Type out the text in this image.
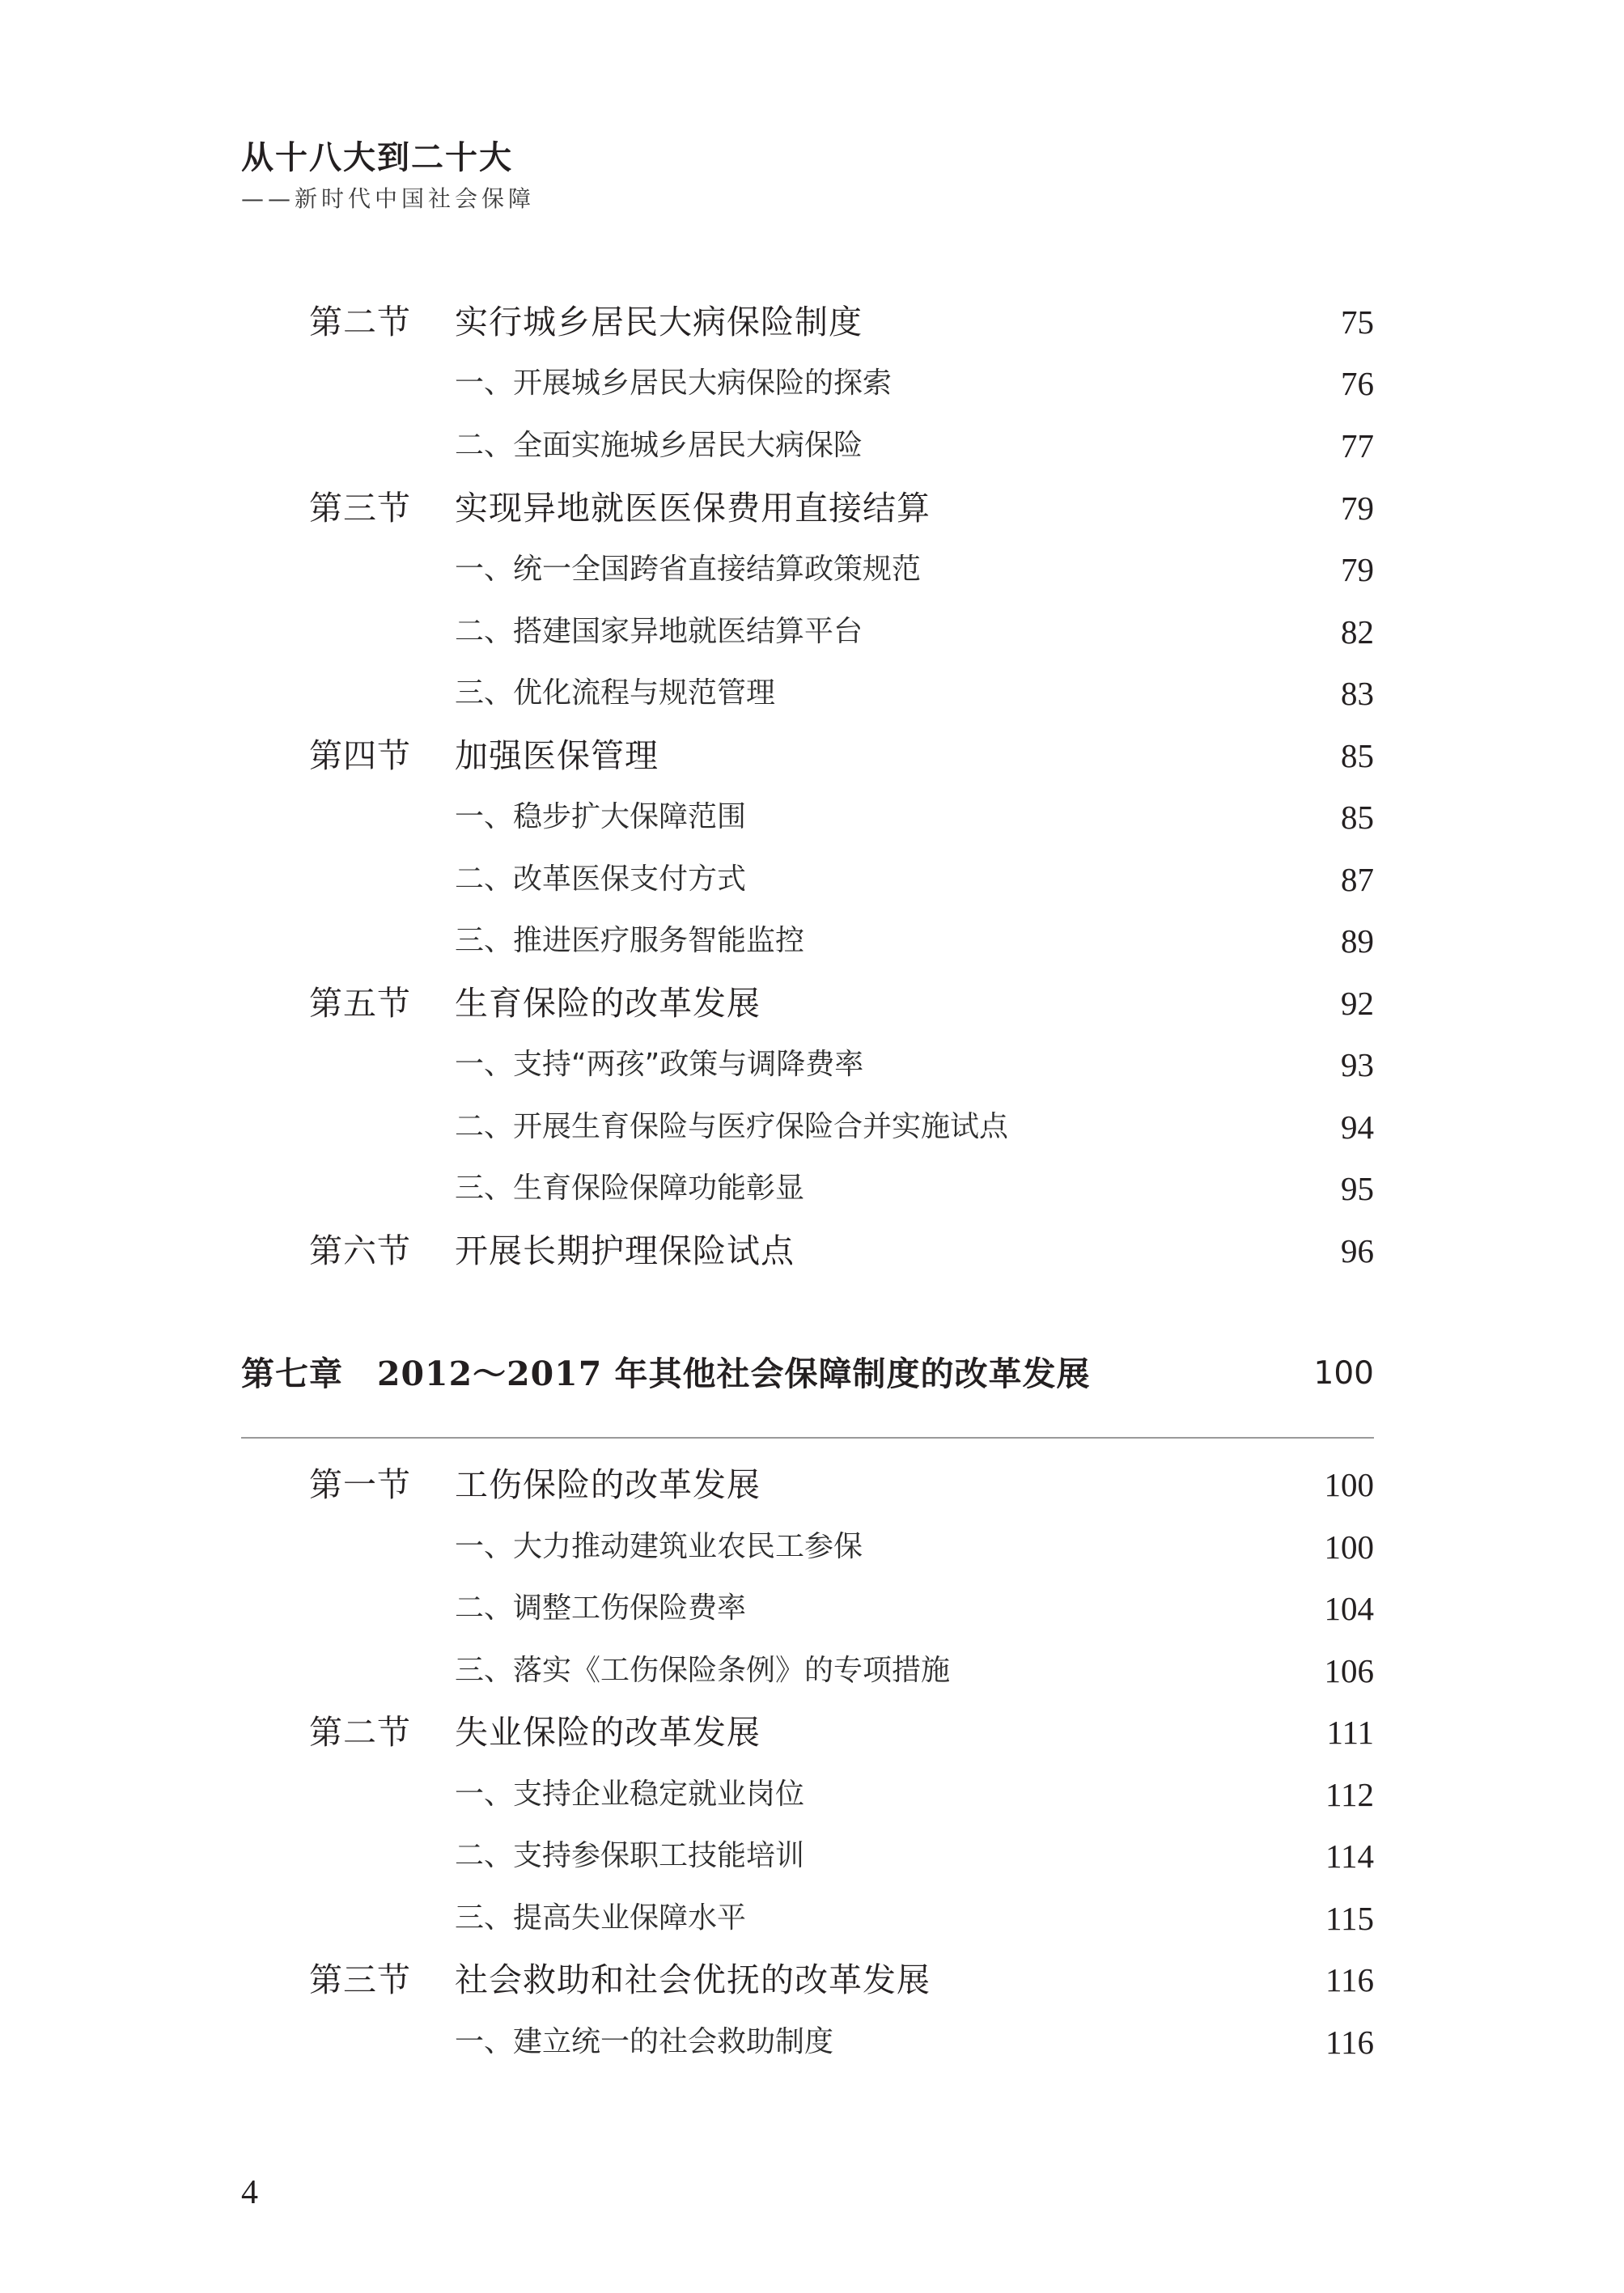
从十八大到二十大
——新时代中国社会保障
第二节 实行城乡居民大病保险制度	75
一、开展城乡居民大病保险的探索	76
二、全面实施城乡居民大病保险	77
第三节 实现异地就医医保费用直接结算	79
一、统一全国跨省直接结算政策规范	79
二、搭建国家异地就医结算平台	82
三、优化流程与规范管理	83
第四节 加强医保管理	85
一、稳步扩大保障范围	85
二、改革医保支付方式	87
三、推进医疗服务智能监控	89
第五节 生育保险的改革发展	92
一、支持“两孩”政策与调降费率	93
二、开展生育保险与医疗保险合并实施试点	94
三、生育保险保障功能彰显	95
第六节 开展长期护理保险试点	96
第七章 2012～2017 年其他社会保障制度的改革发展	100
第一节 工伤保险的改革发展	100
一、大力推动建筑业农民工参保	100
二、调整工伤保险费率	104
三、落实《工伤保险条例》的专项措施	106
第二节 失业保险的改革发展	111
一、支持企业稳定就业岗位	112
二、支持参保职工技能培训	114
三、提高失业保障水平	115
第三节 社会救助和社会优抚的改革发展	116
一、建立统一的社会救助制度	116
4
